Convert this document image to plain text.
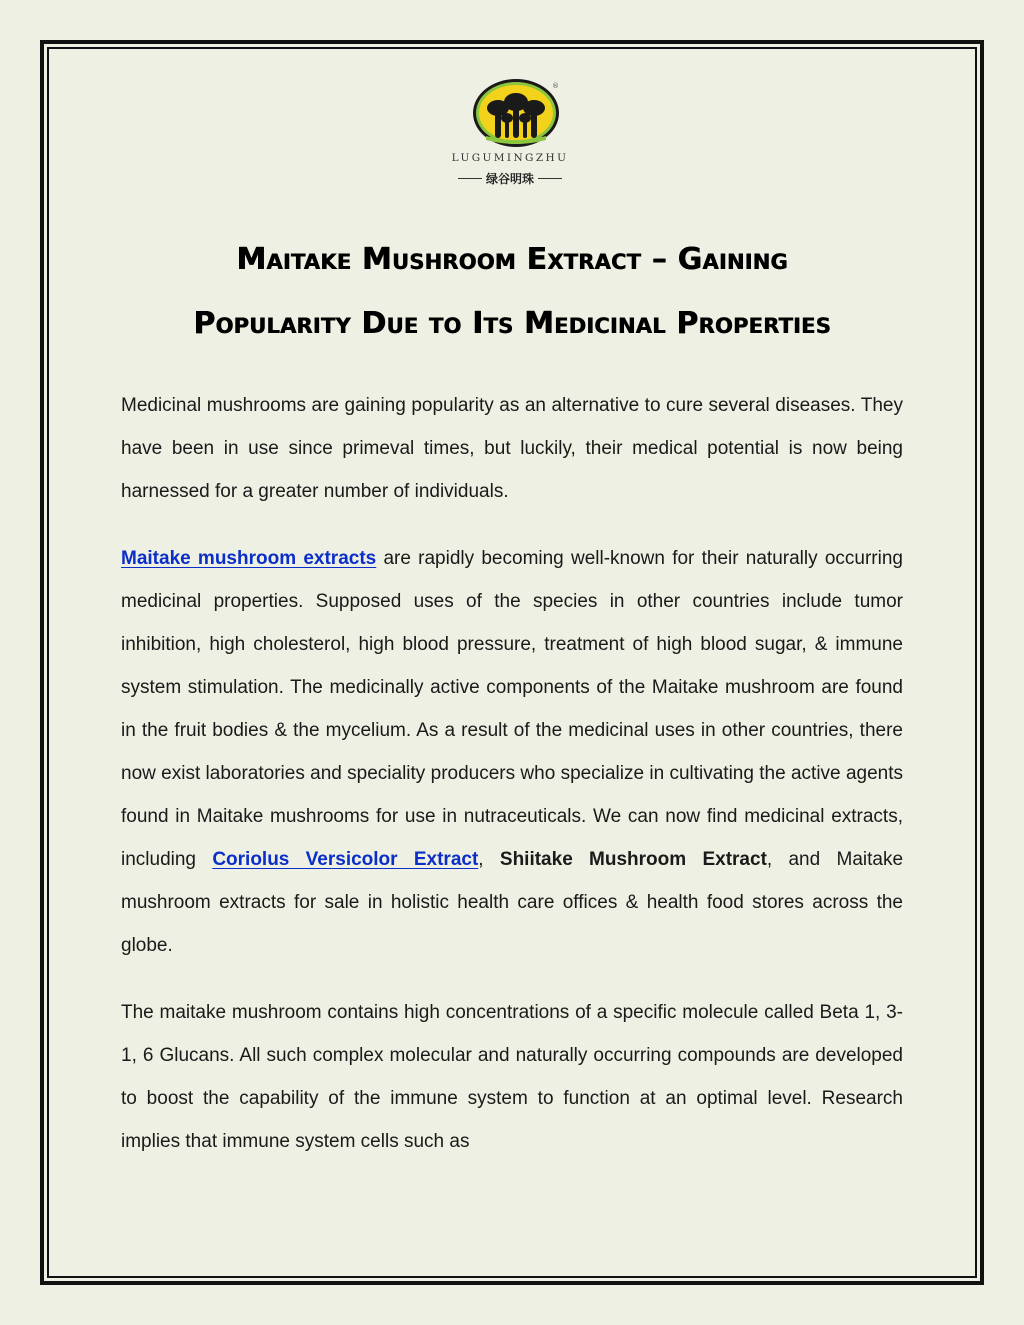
®
LUGUMINGZHU
绿谷明珠
Maitake Mushroom Extract – Gaining
Popularity Due to Its Medicinal Properties

Medicinal mushrooms are gaining popularity as an alternative to cure several diseases. They have been in use since primeval times, but luckily, their medical potential is now being harnessed for a greater number of individuals.

Maitake mushroom extracts are rapidly becoming well-known for their naturally occurring medicinal properties. Supposed uses of the species in other countries include tumor inhibition, high cholesterol, high blood pressure, treatment of high blood sugar, & immune system stimulation. The medicinally active components of the Maitake mushroom are found in the fruit bodies & the mycelium. As a result of the medicinal uses in other countries, there now exist laboratories and speciality producers who specialize in cultivating the active agents found in Maitake mushrooms for use in nutraceuticals. We can now find medicinal extracts, including Coriolus Versicolor Extract, Shiitake Mushroom Extract, and Maitake mushroom extracts for sale in holistic health care offices & health food stores across the globe.

The maitake mushroom contains high concentrations of a specific molecule called Beta 1, 3- 1, 6 Glucans. All such complex molecular and naturally occurring compounds are developed to boost the capability of the immune system to function at an optimal level. Research implies that immune system cells such as
